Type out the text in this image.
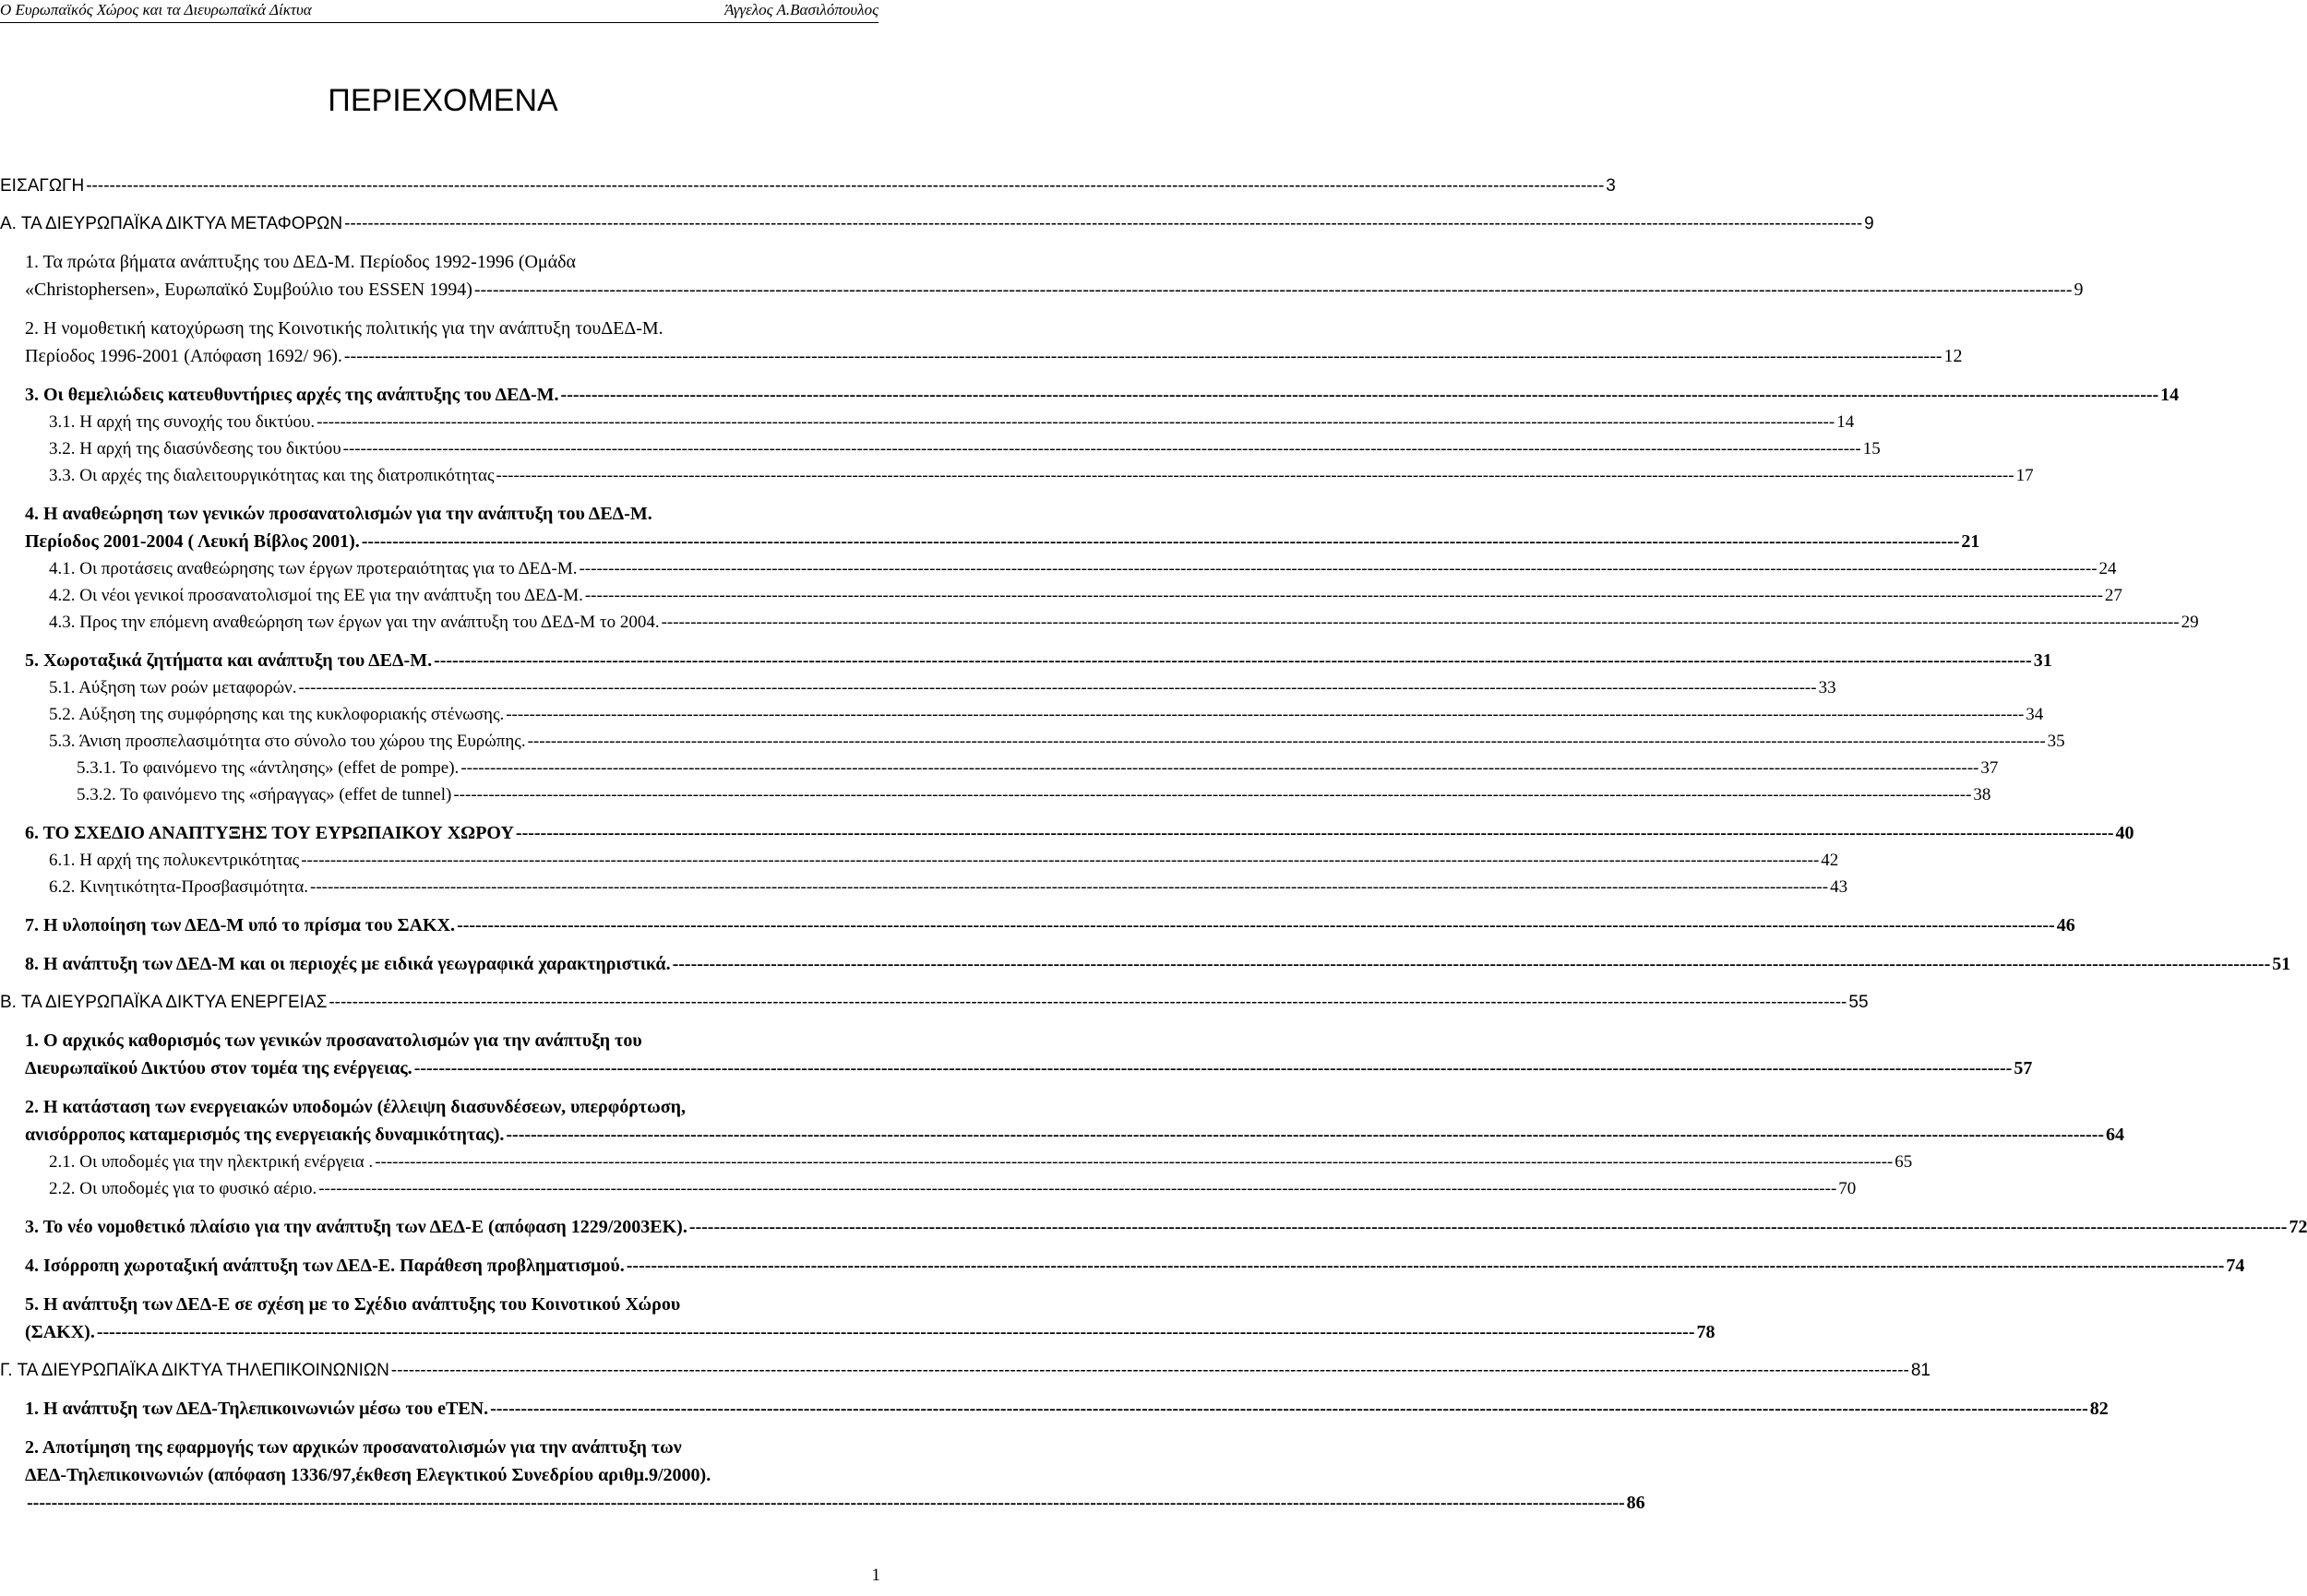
Ο Ευρωπαϊκός Χώρος και τα Διευρωπαϊκά Δίκτυα	Άγγελος Α.Βασιλόπουλος
ΠΕΡΙΕΧΟΜΕΝΑ
ΕΙΣΑΓΩΓΗ -------------------------------------------------------------------------------------------------------------------------------------------------------------------------------------------------------------------------------------------------------------------- 3
Α. ΤΑ ΔΙΕΥΡΩΠΑΪΚΑ ΔΙΚΤΥΑ ΜΕΤΑΦΟΡΩΝ -------------------------------------------------------------------------------------------------------------------------------------------------------------------------------------------------------------------------------------------------------------------- 9
1. Τα πρώτα βήματα ανάπτυξης του ΔΕΔ-Μ. Περίοδος 1992-1996 (Ομάδα
«Christophersen», Ευρωπαϊκό Συμβούλιο του ESSEN 1994) -------------------------------------------------------------------------------------------------------------------------------------------------------------------------------------------------------------------------------------------------------------------- 9
2. Η νομοθετική κατοχύρωση της Κοινοτικής πολιτικής για την ανάπτυξη τουΔΕΔ-Μ.
Περίοδος 1996-2001 (Απόφαση 1692/ 96). -------------------------------------------------------------------------------------------------------------------------------------------------------------------------------------------------------------------------------------------------------------------- 12
3. Οι θεμελιώδεις κατευθυντήριες αρχές της ανάπτυξης του ΔΕΔ-Μ. -------------------------------------------------------------------------------------------------------------------------------------------------------------------------------------------------------------------------------------------------------------------- 14
3.1. Η αρχή της συνοχής του δικτύου. -------------------------------------------------------------------------------------------------------------------------------------------------------------------------------------------------------------------------------------------------------------------- 14
3.2. Η αρχή της διασύνδεσης του δικτύου -------------------------------------------------------------------------------------------------------------------------------------------------------------------------------------------------------------------------------------------------------------------- 15
3.3. Οι αρχές της διαλειτουργικότητας και της διατροπικότητας -------------------------------------------------------------------------------------------------------------------------------------------------------------------------------------------------------------------------------------------------------------------- 17
4. Η αναθεώρηση των γενικών προσανατολισμών για την ανάπτυξη του ΔΕΔ-Μ.
Περίοδος 2001-2004 ( Λευκή Βίβλος 2001). -------------------------------------------------------------------------------------------------------------------------------------------------------------------------------------------------------------------------------------------------------------------- 21
4.1. Οι προτάσεις αναθεώρησης των έργων προτεραιότητας για το ΔΕΔ-Μ. -------------------------------------------------------------------------------------------------------------------------------------------------------------------------------------------------------------------------------------------------------------------- 24
4.2. Οι νέοι γενικοί προσανατολισμοί της ΕΕ για την ανάπτυξη του ΔΕΔ-Μ. -------------------------------------------------------------------------------------------------------------------------------------------------------------------------------------------------------------------------------------------------------------------- 27
4.3. Προς την επόμενη αναθεώρηση των έργων γαι την ανάπτυξη του ΔΕΔ-Μ το 2004. -------------------------------------------------------------------------------------------------------------------------------------------------------------------------------------------------------------------------------------------------------------------- 29
5. Χωροταξικά ζητήματα και ανάπτυξη του ΔΕΔ-Μ. -------------------------------------------------------------------------------------------------------------------------------------------------------------------------------------------------------------------------------------------------------------------- 31
5.1. Αύξηση των ροών μεταφορών. -------------------------------------------------------------------------------------------------------------------------------------------------------------------------------------------------------------------------------------------------------------------- 33
5.2. Αύξηση της συμφόρησης και της κυκλοφοριακής στένωσης. -------------------------------------------------------------------------------------------------------------------------------------------------------------------------------------------------------------------------------------------------------------------- 34
5.3. Άνιση προσπελασιμότητα στο σύνολο του χώρου της Ευρώπης. -------------------------------------------------------------------------------------------------------------------------------------------------------------------------------------------------------------------------------------------------------------------- 35
5.3.1. Το φαινόμενο της «άντλησης» (effet de pompe). -------------------------------------------------------------------------------------------------------------------------------------------------------------------------------------------------------------------------------------------------------------------- 37
5.3.2. Το φαινόμενο της «σήραγγας» (effet de tunnel) -------------------------------------------------------------------------------------------------------------------------------------------------------------------------------------------------------------------------------------------------------------------- 38
6. ΤΟ ΣΧΕΔΙΟ ΑΝΑΠΤΥΞΗΣ ΤΟΥ ΕΥΡΩΠΑΙΚΟΥ ΧΩΡΟΥ -------------------------------------------------------------------------------------------------------------------------------------------------------------------------------------------------------------------------------------------------------------------- 40
6.1. Η αρχή της πολυκεντρικότητας -------------------------------------------------------------------------------------------------------------------------------------------------------------------------------------------------------------------------------------------------------------------- 42
6.2. Κινητικότητα-Προσβασιμότητα. -------------------------------------------------------------------------------------------------------------------------------------------------------------------------------------------------------------------------------------------------------------------- 43
7. Η υλοποίηση των ΔΕΔ-Μ υπό το πρίσμα του ΣΑΚΧ. -------------------------------------------------------------------------------------------------------------------------------------------------------------------------------------------------------------------------------------------------------------------- 46
8. Η ανάπτυξη των ΔΕΔ-Μ και οι περιοχές με ειδικά γεωγραφικά χαρακτηριστικά. -------------------------------------------------------------------------------------------------------------------------------------------------------------------------------------------------------------------------------------------------------------------- 51
Β. ΤΑ ΔΙΕΥΡΩΠΑΪΚΑ ΔΙΚΤΥΑ ΕΝΕΡΓΕΙΑΣ -------------------------------------------------------------------------------------------------------------------------------------------------------------------------------------------------------------------------------------------------------------------- 55
1. Ο αρχικός καθορισμός των γενικών προσανατολισμών για την ανάπτυξη του
Διευρωπαϊκού Δικτύου στον τομέα της ενέργειας. -------------------------------------------------------------------------------------------------------------------------------------------------------------------------------------------------------------------------------------------------------------------- 57
2. Η κατάσταση των ενεργειακών υποδομών (έλλειψη διασυνδέσεων, υπερφόρτωση,
ανισόρροπος καταμερισμός της ενεργειακής δυναμικότητας). -------------------------------------------------------------------------------------------------------------------------------------------------------------------------------------------------------------------------------------------------------------------- 64
2.1. Οι υποδομές για την ηλεκτρική ενέργεια . -------------------------------------------------------------------------------------------------------------------------------------------------------------------------------------------------------------------------------------------------------------------- 65
2.2. Οι υποδομές για το φυσικό αέριο. -------------------------------------------------------------------------------------------------------------------------------------------------------------------------------------------------------------------------------------------------------------------- 70
3. Το νέο νομοθετικό πλαίσιο για την ανάπτυξη των ΔΕΔ-Ε (απόφαση 1229/2003ΕΚ). -------------------------------------------------------------------------------------------------------------------------------------------------------------------------------------------------------------------------------------------------------------------- 72
4. Ισόρροπη χωροταξική ανάπτυξη των ΔΕΔ-Ε. Παράθεση προβληματισμού. -------------------------------------------------------------------------------------------------------------------------------------------------------------------------------------------------------------------------------------------------------------------- 74
5. Η ανάπτυξη των ΔΕΔ-Ε σε σχέση με το Σχέδιο ανάπτυξης του Κοινοτικού Χώρου
(ΣΑΚΧ). -------------------------------------------------------------------------------------------------------------------------------------------------------------------------------------------------------------------------------------------------------------------- 78
Γ. ΤΑ ΔΙΕΥΡΩΠΑΪΚΑ ΔΙΚΤΥΑ ΤΗΛΕΠΙΚΟΙΝΩΝΙΩΝ -------------------------------------------------------------------------------------------------------------------------------------------------------------------------------------------------------------------------------------------------------------------- 81
1. Η ανάπτυξη των ΔΕΔ-Τηλεπικοινωνιών μέσω του eTEN. -------------------------------------------------------------------------------------------------------------------------------------------------------------------------------------------------------------------------------------------------------------------- 82
2. Αποτίμηση της εφαρμογής των αρχικών προσανατολισμών για την ανάπτυξη των
ΔΕΔ-Τηλεπικοινωνιών (απόφαση 1336/97,έκθεση Ελεγκτικού Συνεδρίου αριθμ.9/2000).
-------------------------------------------------------------------------------------------------------------------------------------------------------------------------------------------------------------------------------------------------------------------- 86
1
